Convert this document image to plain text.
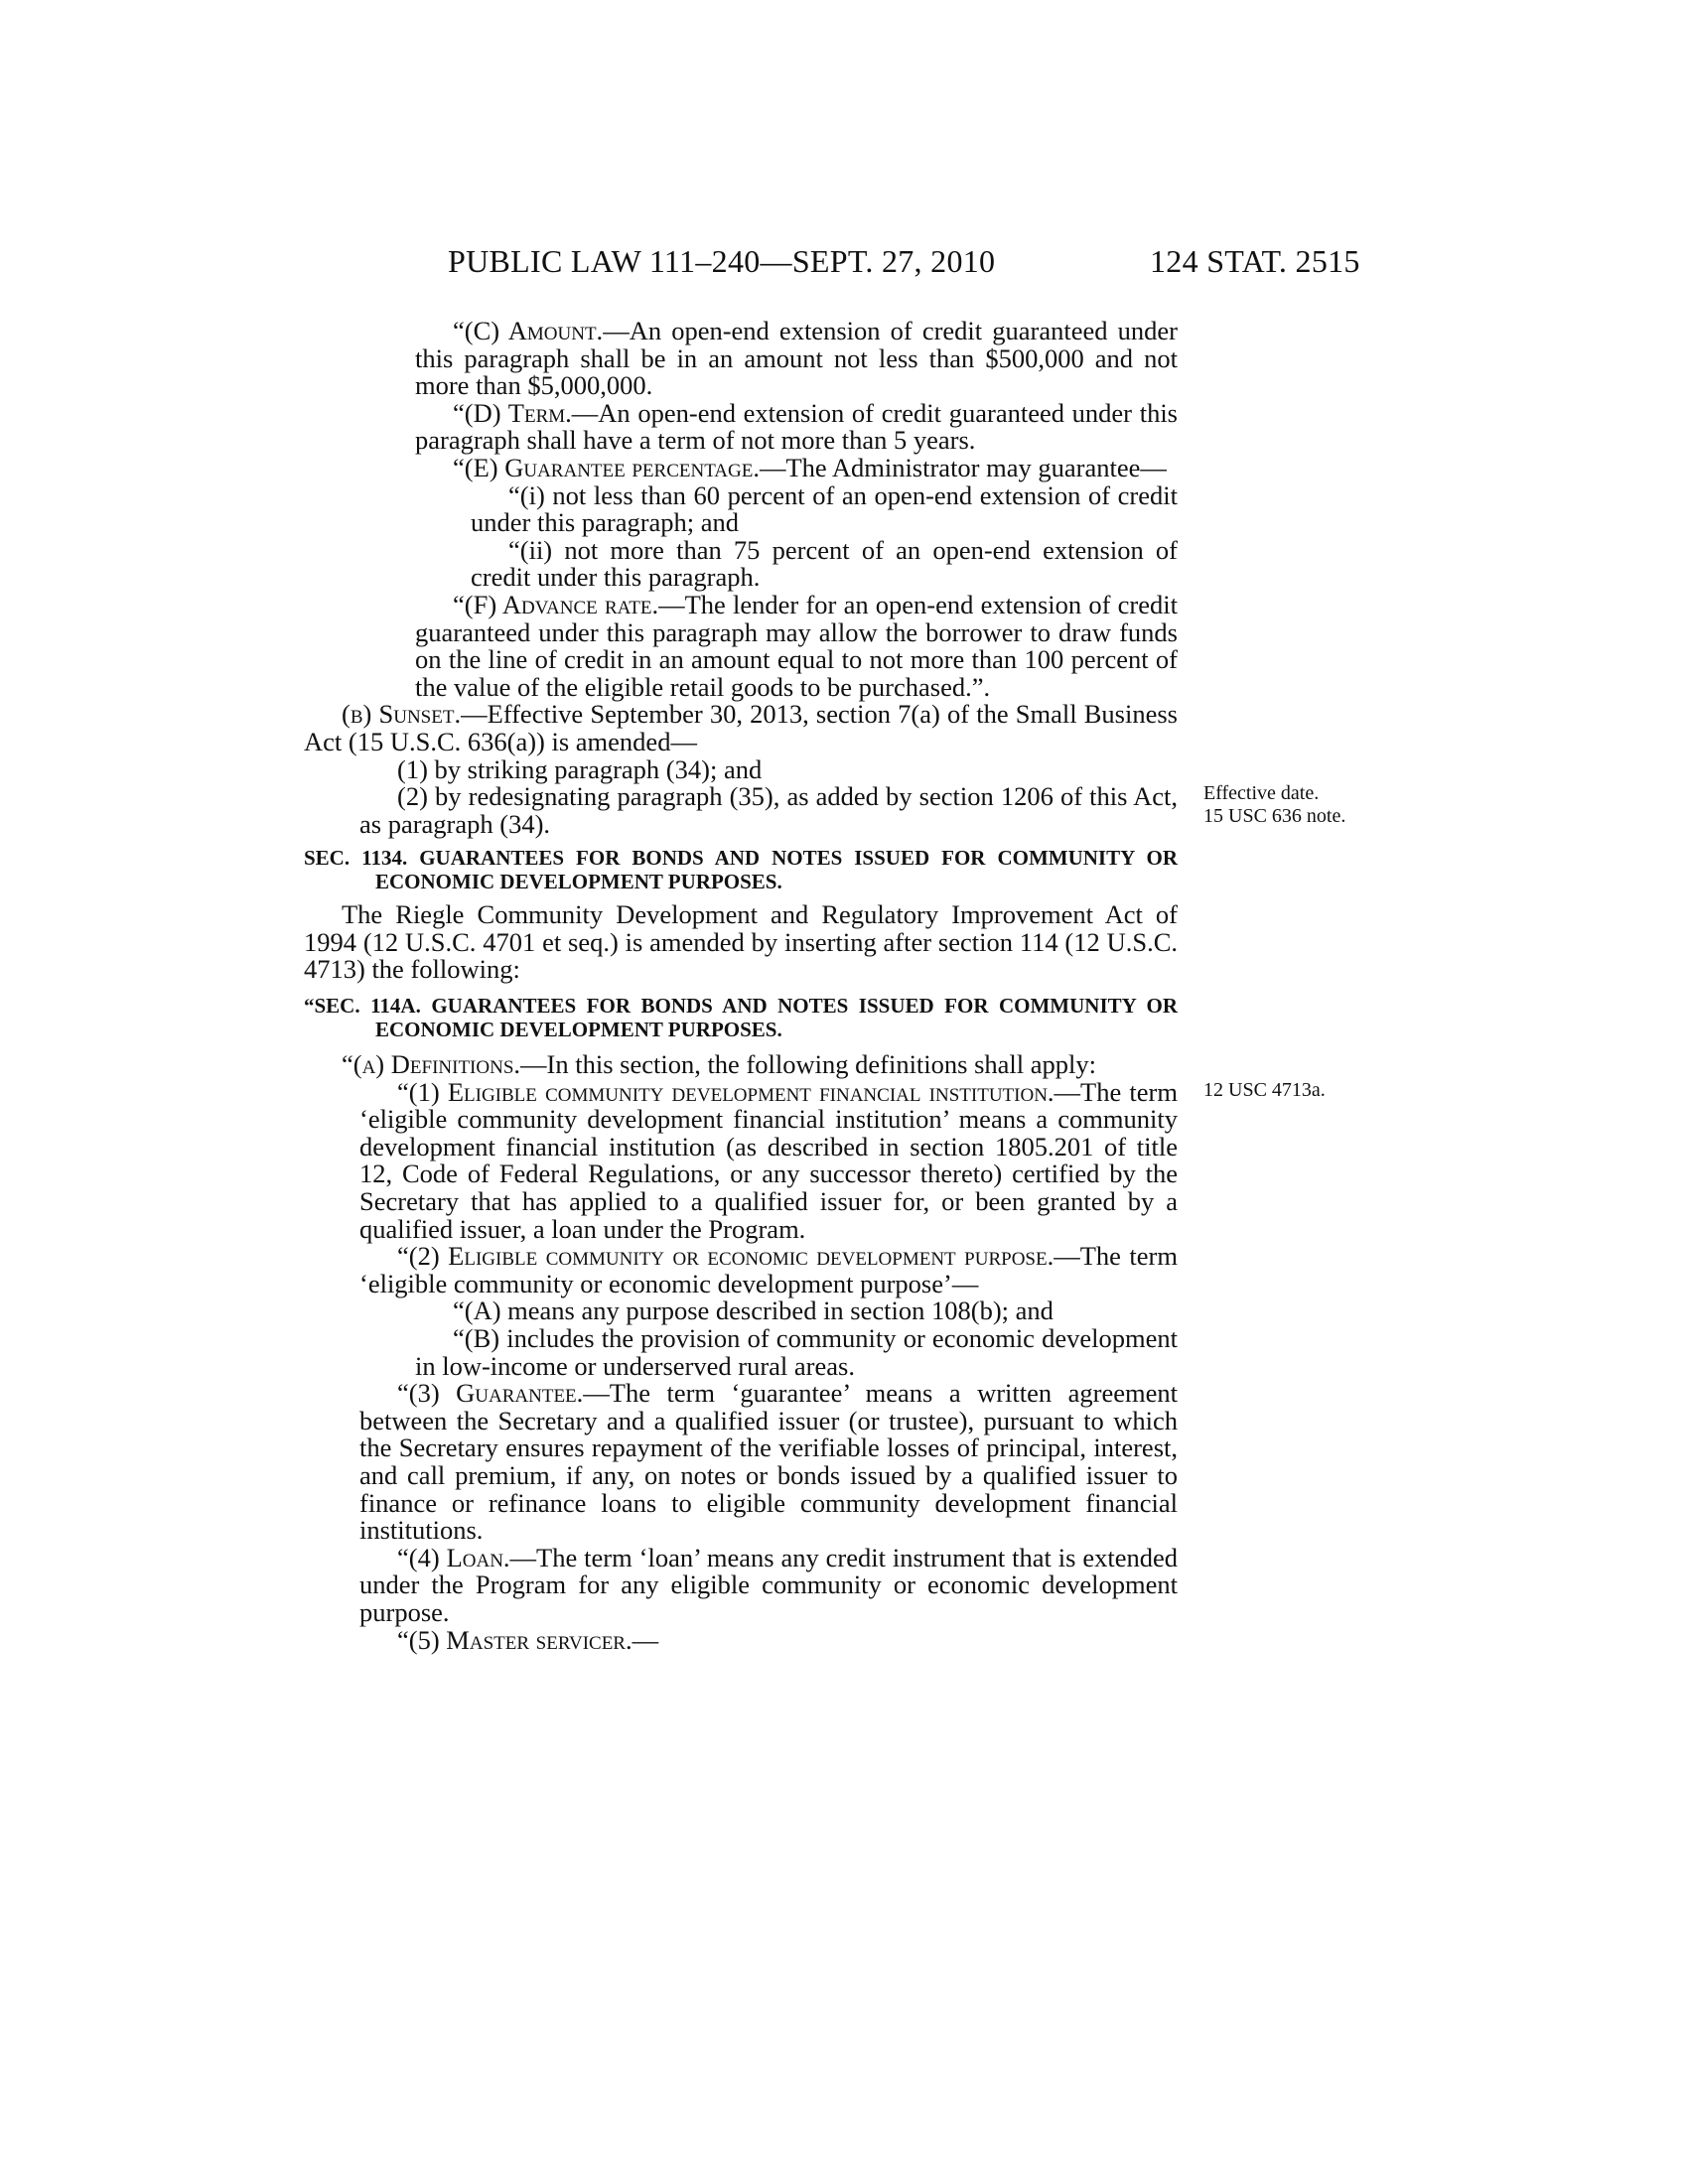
PUBLIC LAW 111–240—SEPT. 27, 2010	124 STAT. 2515
Effective date.
15 USC 636 note.
12 USC 4713a.

“(C) Amount.—An open-end extension of credit guaranteed under this paragraph shall be in an amount not less than $500,000 and not more than $5,000,000.

“(D) Term.—An open-end extension of credit guaranteed under this paragraph shall have a term of not more than 5 years.

“(E) Guarantee percentage.—The Administrator may guarantee—

“(i) not less than 60 percent of an open-end extension of credit under this paragraph; and

“(ii) not more than 75 percent of an open-end extension of credit under this paragraph.

“(F) Advance rate.—The lender for an open-end extension of credit guaranteed under this paragraph may allow the borrower to draw funds on the line of credit in an amount equal to not more than 100 percent of the value of the eligible retail goods to be purchased.”.

(b) Sunset.—Effective September 30, 2013, section 7(a) of the Small Business Act (15 U.S.C. 636(a)) is amended—

(1) by striking paragraph (34); and

(2) by redesignating paragraph (35), as added by section 1206 of this Act, as paragraph (34).

SEC. 1134. GUARANTEES FOR BONDS AND NOTES ISSUED FOR COMMUNITY OR ECONOMIC DEVELOPMENT PURPOSES.

The Riegle Community Development and Regulatory Improvement Act of 1994 (12 U.S.C. 4701 et seq.) is amended by inserting after section 114 (12 U.S.C. 4713) the following:

“SEC. 114A. GUARANTEES FOR BONDS AND NOTES ISSUED FOR COMMUNITY OR ECONOMIC DEVELOPMENT PURPOSES.

“(a) Definitions.—In this section, the following definitions shall apply:

“(1) Eligible community development financial institution.—The term ‘eligible community development financial institution’ means a community development financial institution (as described in section 1805.201 of title 12, Code of Federal Regulations, or any successor thereto) certified by the Secretary that has applied to a qualified issuer for, or been granted by a qualified issuer, a loan under the Program.

“(2) Eligible community or economic development purpose.—The term ‘eligible community or economic development purpose’—

“(A) means any purpose described in section 108(b); and

“(B) includes the provision of community or economic development in low-income or underserved rural areas.

“(3) Guarantee.—The term ‘guarantee’ means a written agreement between the Secretary and a qualified issuer (or trustee), pursuant to which the Secretary ensures repayment of the verifiable losses of principal, interest, and call premium, if any, on notes or bonds issued by a qualified issuer to finance or refinance loans to eligible community development financial institutions.

“(4) Loan.—The term ‘loan’ means any credit instrument that is extended under the Program for any eligible community or economic development purpose.

“(5) Master servicer.—
